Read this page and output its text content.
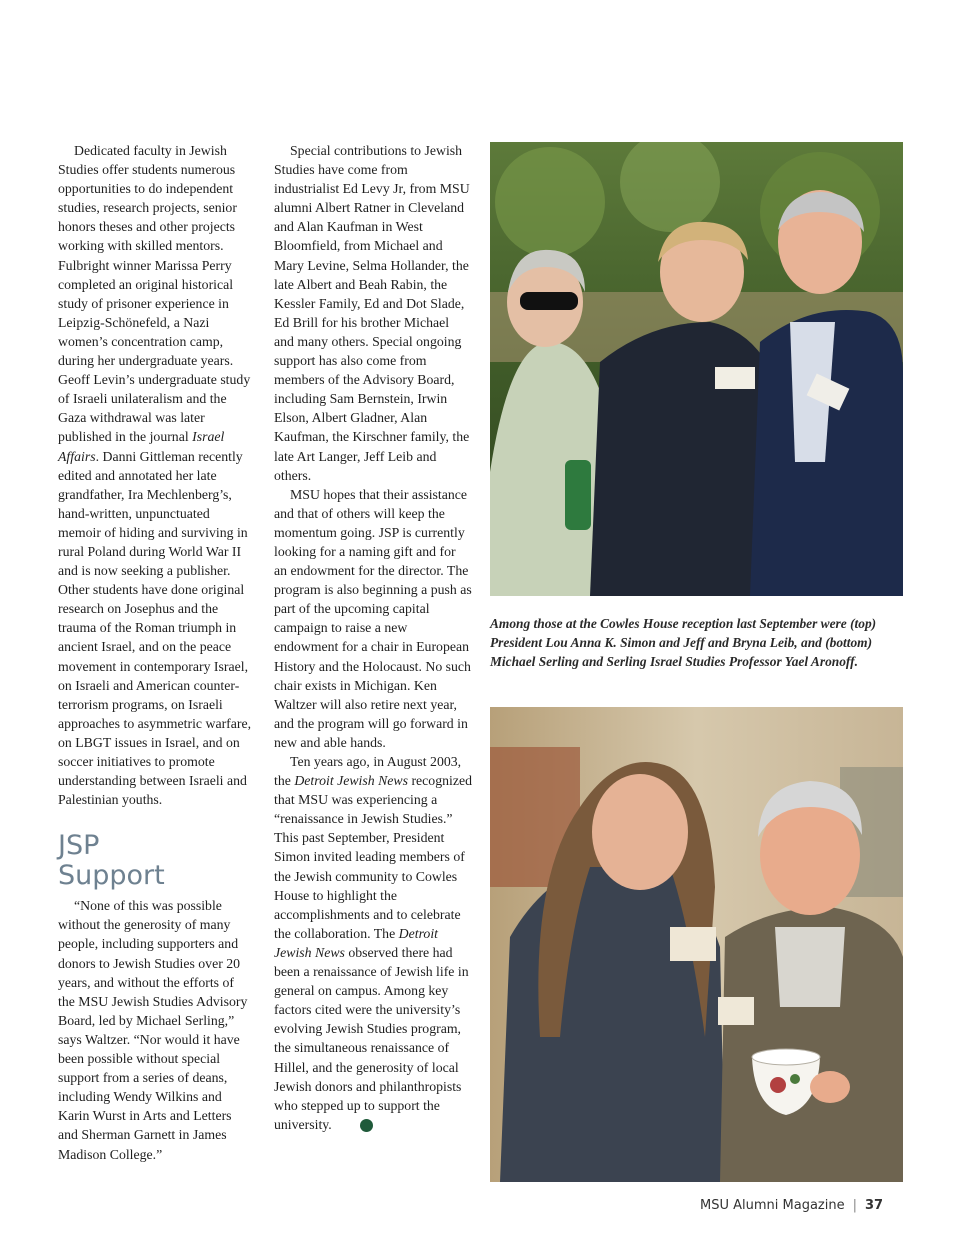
Dedicated faculty in Jewish Studies offer students numerous opportunities to do independent studies, research projects, senior honors theses and other projects working with skilled mentors. Fulbright winner Marissa Perry completed an original historical study of prisoner experience in Leipzig-Schönefeld, a Nazi women’s concentration camp, during her undergraduate years. Geoff Levin’s undergraduate study of Israeli unilateralism and the Gaza withdrawal was later published in the journal Israel Affairs. Danni Gittleman recently edited and annotated her late grandfather, Ira Mechlenberg’s, hand-written, unpunctuated memoir of hiding and surviving in rural Poland during World War II and is now seeking a publisher. Other students have done original research on Josephus and the trauma of the Roman triumph in ancient Israel, and on the peace movement in contemporary Israel, on Israeli and American counter-terrorism programs, on Israeli approaches to asymmetric warfare, on LBGT issues in Israel, and on soccer initiatives to promote understanding between Israeli and Palestinian youths.

JSP
Support

“None of this was possible without the generosity of many people, including supporters and donors to Jewish Studies over 20 years, and without the efforts of the MSU Jewish Studies Advisory Board, led by Michael Serling,” says Waltzer. “Nor would it have been possible without special support from a series of deans, including Wendy Wilkins and Karin Wurst in Arts and Letters and Sherman Garnett in James Madison College.”

Special contributions to Jewish Studies have come from industrialist Ed Levy Jr, from MSU alumni Albert Ratner in Cleveland and Alan Kaufman in West Bloomfield, from Michael and Mary Levine, Selma Hollander, the late Albert and Beah Rabin, the Kessler Family, Ed and Dot Slade, Ed Brill for his brother Michael and many others. Special ongoing support has also come from members of the Advisory Board, including Sam Bernstein, Irwin Elson, Albert Gladner, Alan Kaufman, the Kirschner family, the late Art Langer, Jeff Leib and others.

MSU hopes that their assistance and that of others will keep the momentum going. JSP is currently looking for a naming gift and for an endowment for the director. The program is also beginning a push as part of the upcoming capital campaign to raise a new endowment for a chair in European History and the Holocaust. No such chair exists in Michigan. Ken Waltzer will also retire next year, and the program will go forward in new and able hands.

Ten years ago, in August 2003, the Detroit Jewish News recognized that MSU was experiencing a “renaissance in Jewish Studies.” This past September, President Simon invited leading members of the Jewish community to Cowles House to highlight the accomplishments and to celebrate the collaboration. The Detroit Jewish News observed there had been a renaissance of Jewish life in general on campus. Among key factors cited were the university’s evolving Jewish Studies program, the simultaneous renaissance of Hillel, and the generosity of local Jewish donors and philanthropists who stepped up to support the university.	▲

Among those at the Cowles House reception last September were (top) President Lou Anna K. Simon and Jeff and Bryna Leib, and (bottom) Michael Serling and Serling Israel Studies Professor Yael Aronoff.
MSU Alumni Magazine | 37
